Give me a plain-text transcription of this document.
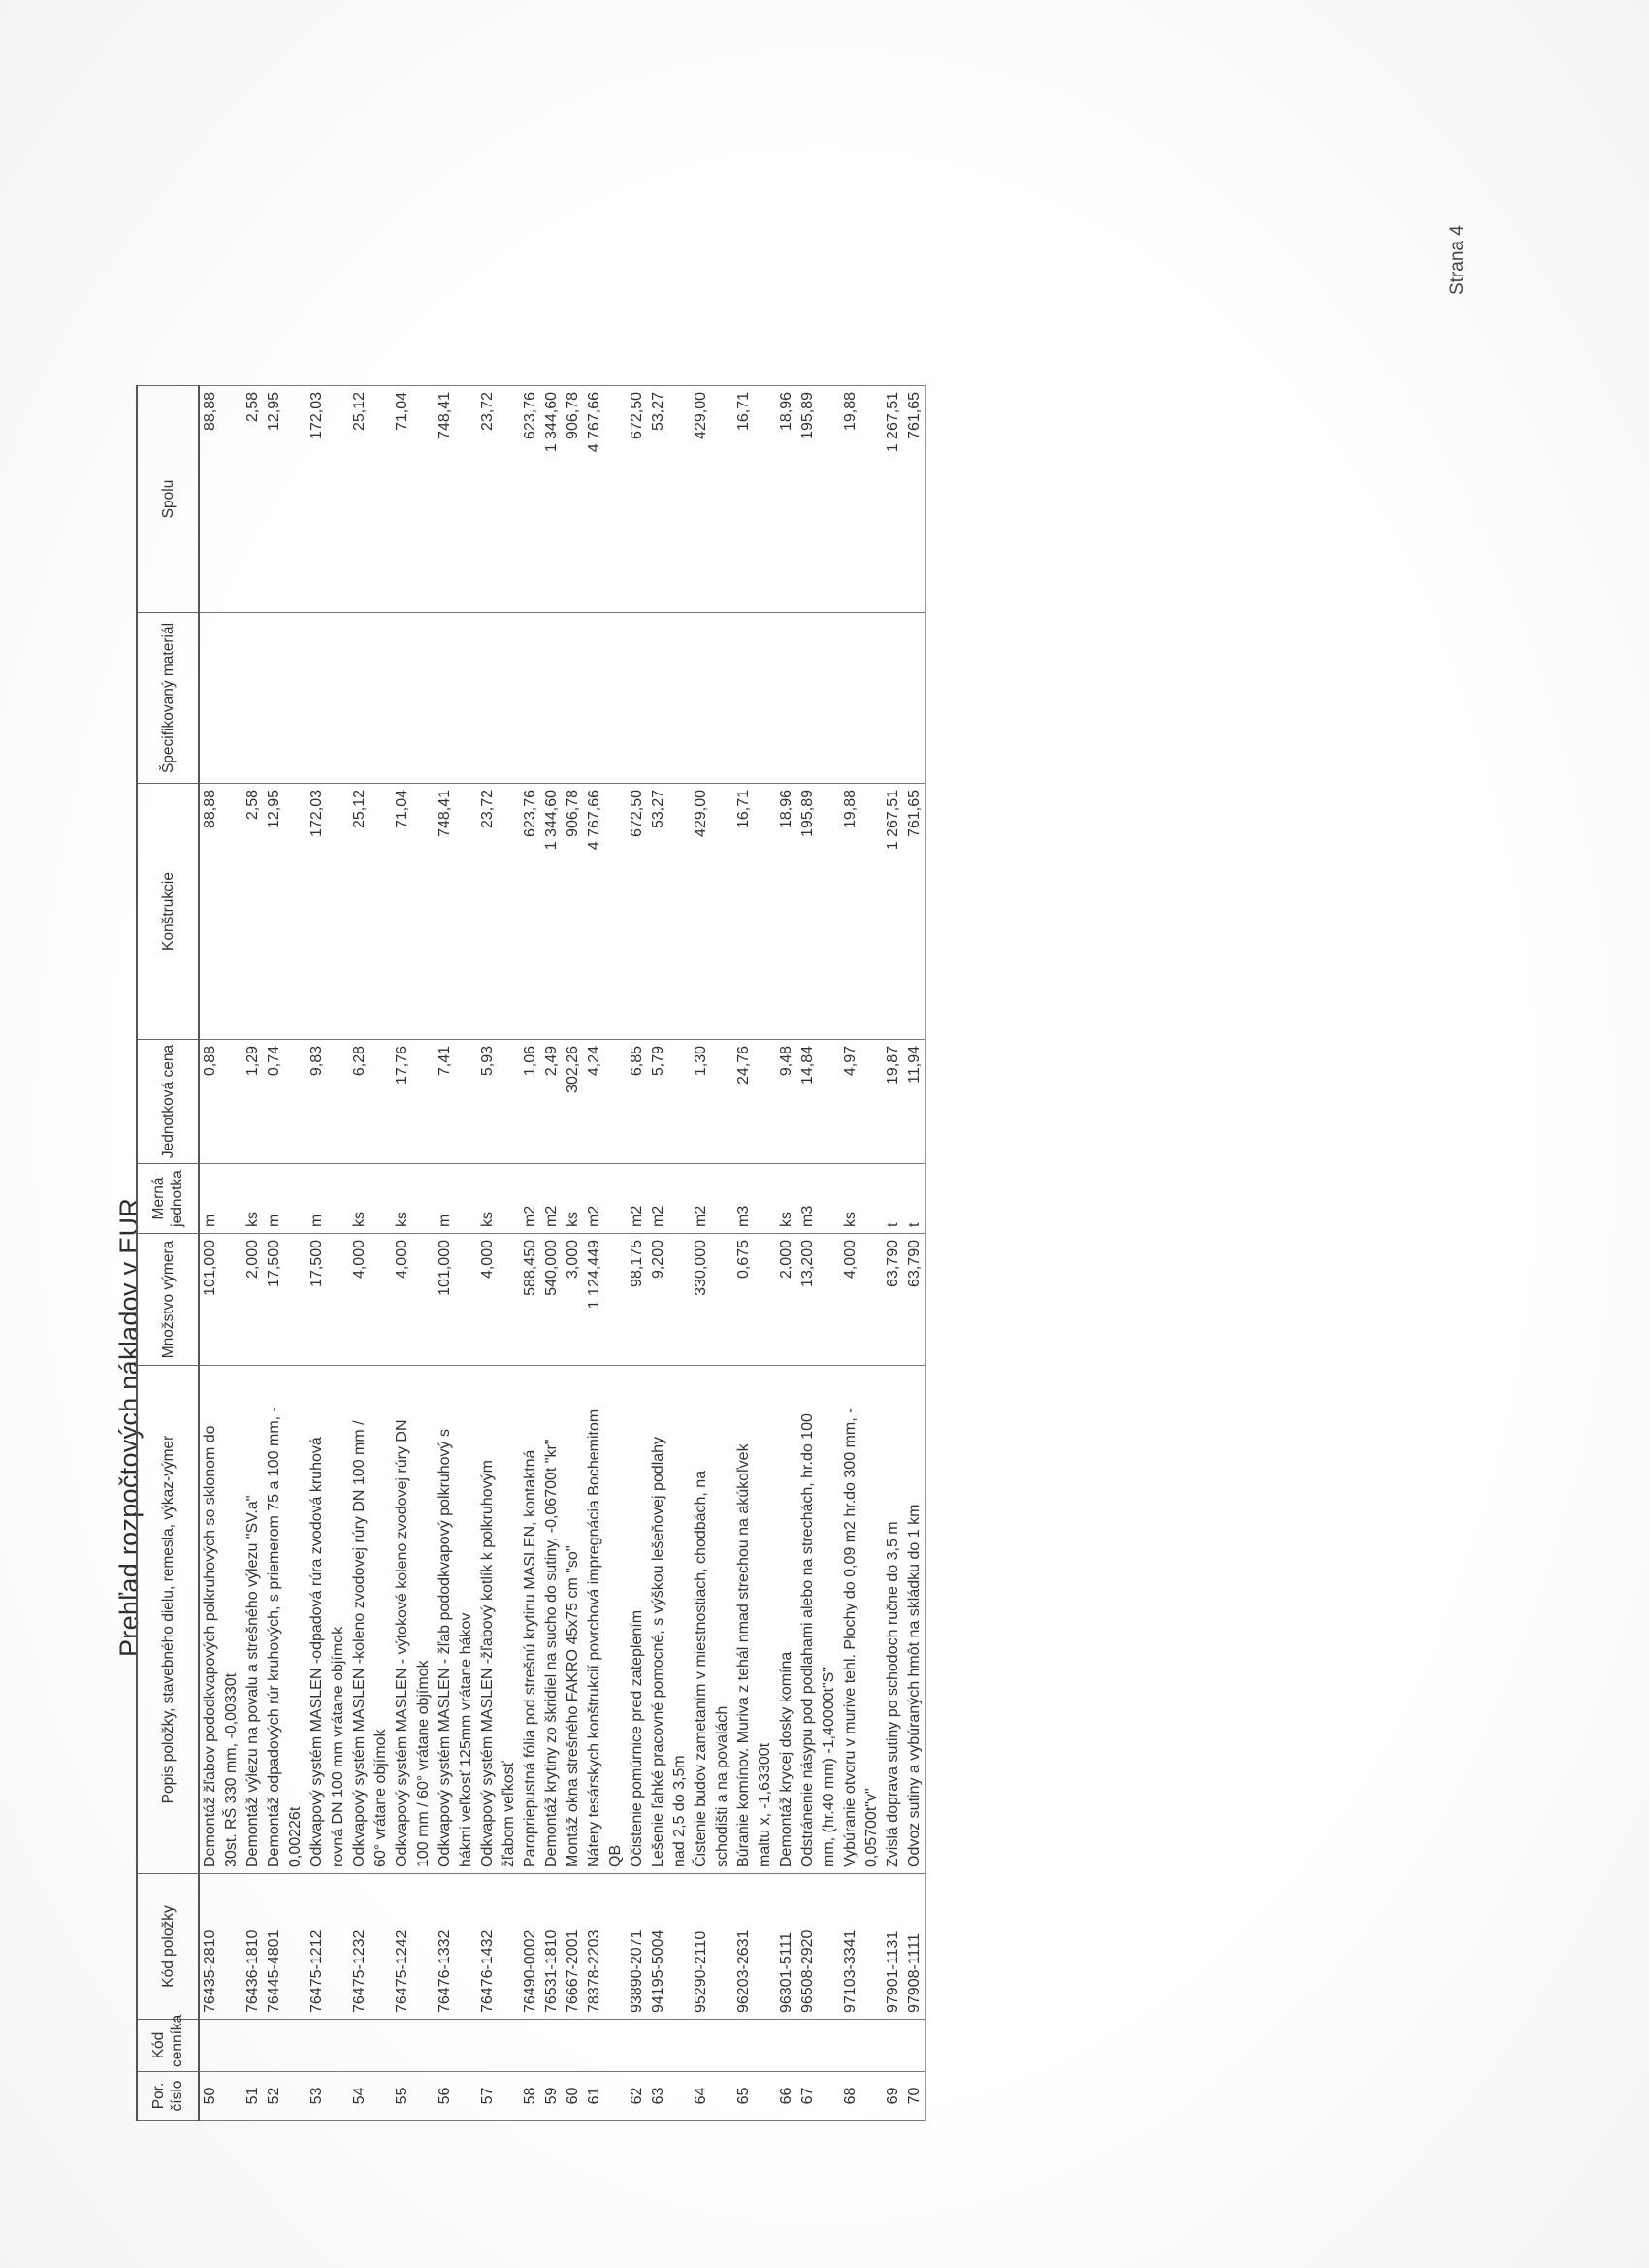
Prehľad rozpočtových nákladov v EUR
Por. číslo	Kód cenníka	Kód položky	Popis položky, stavebného dielu, remesla, výkaz-výmer	Množstvo výmera	Merná jednotka	Jednotková cena	Konštrukcie	Špecifikovaný materiál	Spolu
50		76435-2810	Demontáž žľabov pododkvapových polkruhových so sklonom do 30st. RŠ 330 mm, -0,00330t	101,000	m	0,88	88,88		88,88
51		76436-1810	Demontáž výlezu na povalu a strešného výlezu "SV.a"	2,000	ks	1,29	2,58		2,58
52		76445-4801	Demontáž odpadových rúr kruhových, s priemerom 75 a 100 mm, - 0,00226t	17,500	m	0,74	12,95		12,95
53		76475-1212	Odkvapový systém MASLEN -odpadová rúra zvodová kruhová rovná DN 100 mm vrátane objímok	17,500	m	9,83	172,03		172,03
54		76475-1232	Odkvapový systém MASLEN -koleno zvodovej rúry DN 100 mm / 60° vrátane objímok	4,000	ks	6,28	25,12		25,12
55		76475-1242	Odkvapový systém MASLEN - výtokové koleno zvodovej rúry DN 100 mm / 60° vrátane objímok	4,000	ks	17,76	71,04		71,04
56		76476-1332	Odkvapový systém MASLEN - žľab pododkvapový polkruhový s hákmi veľkosť 125mm vrátane hákov	101,000	m	7,41	748,41		748,41
57		76476-1432	Odkvapový systém MASLEN -žľabový kotlík k polkruhovým žľabom veľkosť	4,000	ks	5,93	23,72		23,72
58		76490-0002	Paropriepustná fólia pod strešnú krytinu MASLEN, kontaktná	588,450	m2	1,06	623,76		623,76
59		76531-1810	Demontáž krytiny zo škridiel na sucho do sutiny, -0,06700t "kr"	540,000	m2	2,49	1 344,60		1 344,60
60		76667-2001	Montáž okna strešného FAKRO 45x75 cm "so"	3,000	ks	302,26	906,78		906,78
61		78378-2203	Nátery tesárskych konštrukcií povrchová impregnácia Bochemitom QB	1 124,449	m2	4,24	4 767,66		4 767,66
62		93890-2071	Očistenie pomúrnice pred zateplením	98,175	m2	6,85	672,50		672,50
63		94195-5004	Lešenie ľahké pracovné pomocné, s výškou lešeňovej podlahy nad 2,5 do 3,5m	9,200	m2	5,79	53,27		53,27
64		95290-2110	Čistenie budov zametaním v miestnostiach, chodbách, na schodišti a na povalách	330,000	m2	1,30	429,00		429,00
65		96203-2631	Búranie komínov. Muriva z tehál nmad strechou na akúkoľvek maltu x, -1,63300t	0,675	m3	24,76	16,71		16,71
66		96301-5111	Demontáž krycej dosky komína	2,000	ks	9,48	18,96		18,96
67		96508-2920	Odstránenie násypu pod podlahami alebo na strechách, hr.do 100 mm, (hr.40 mm) -1,40000t"S"	13,200	m3	14,84	195,89		195,89
68		97103-3341	Vybúranie otvoru v murive tehl. Plochy do 0,09 m2 hr.do 300 mm, - 0,05700t"v"	4,000	ks	4,97	19,88		19,88
69		97901-1131	Zvislá doprava sutiny po schodoch ručne do 3,5 m	63,790	t	19,87	1 267,51		1 267,51
70		97908-1111	Odvoz sutiny a vybúraných hmôt na skládku do 1 km	63,790	t	11,94	761,65		761,65
Strana 4
